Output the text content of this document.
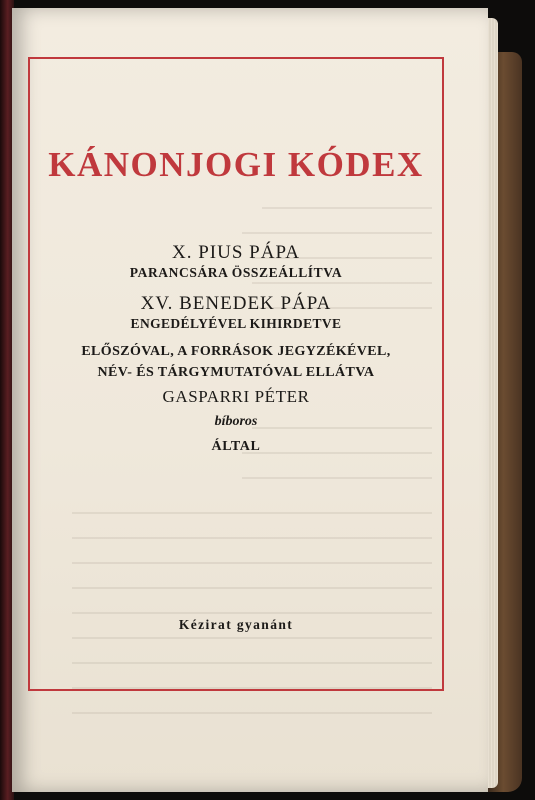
KÁNONJOGI KÓDEX

X. PIUS PÁPA

PARANCSÁRA ÖSSZEÁLLÍTVA

XV. BENEDEK PÁPA

ENGEDÉLYÉVEL KIHIRDETVE

ELŐSZÓVAL, A FORRÁSOK JEGYZÉKÉVEL,

NÉV- ÉS TÁRGYMUTATÓVAL ELLÁTVA

GASPARRI PÉTER

bíboros

ÁLTAL

Kézirat gyanánt
